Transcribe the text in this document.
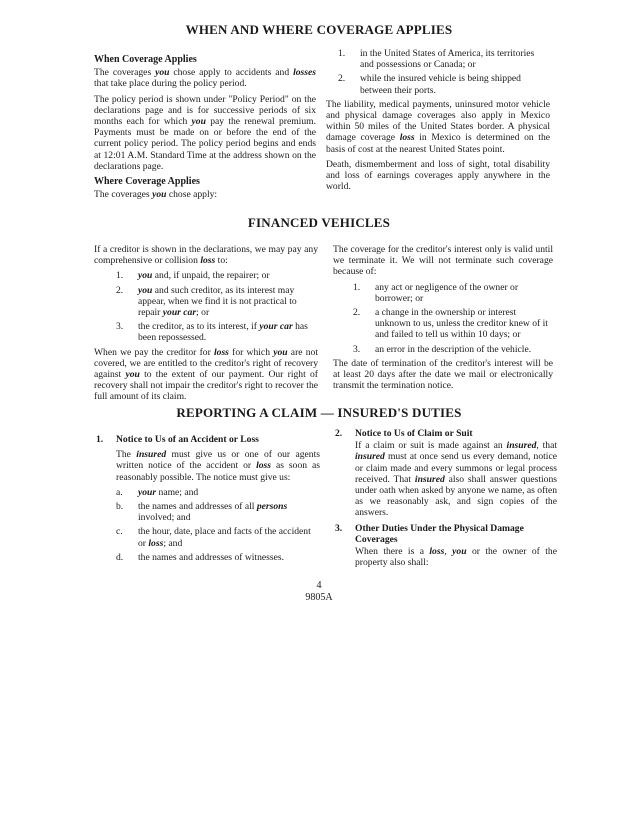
WHEN AND WHERE COVERAGE APPLIES
When Coverage Applies

The coverages you chose apply to accidents and losses that take place during the policy period.

The policy period is shown under "Policy Period" on the declarations page and is for successive periods of six months each for which you pay the renewal premium. Payments must be made on or before the end of the current policy period. The policy period begins and ends at 12:01 A.M. Standard Time at the address shown on the declarations page.

Where Coverage Applies

The coverages you chose apply:

1.	in the United States of America, its territories and possessions or Canada; or
2.	while the insured vehicle is being shipped between their ports.

The liability, medical payments, uninsured motor vehicle and physical damage coverages also apply in Mexico within 50 miles of the United States border. A physical damage coverage loss in Mexico is determined on the basis of cost at the nearest United States point.

Death, dismemberment and loss of sight, total disability and loss of earnings coverages apply anywhere in the world.

FINANCED VEHICLES

If a creditor is shown in the declarations, we may pay any comprehensive or collision loss to:

1.	you and, if unpaid, the repairer; or
2.	you and such creditor, as its interest may appear, when we find it is not practical to repair your car; or
3.	the creditor, as to its interest, if your car has been repossessed.

When we pay the creditor for loss for which you are not covered, we are entitled to the creditor's right of recovery against you to the extent of our payment. Our right of recovery shall not impair the creditor's right to recover the full amount of its claim.

The coverage for the creditor's interest only is valid until we terminate it. We will not terminate such coverage because of:

1.	any act or negligence of the owner or borrower; or
2.	a change in the ownership or interest unknown to us, unless the creditor knew of it and failed to tell us within 10 days; or
3.	an error in the description of the vehicle.

The date of termination of the creditor's interest will be at least 20 days after the date we mail or electronically transmit the termination notice.

REPORTING A CLAIM — INSURED'S DUTIES
1.	Notice to Us of an Accident or Loss

The insured must give us or one of our agents written notice of the accident or loss as soon as reasonably possible. The notice must give us:

a.	your name; and
b.	the names and addresses of all persons involved; and
c.	the hour, date, place and facts of the accident or loss; and
d.	the names and addresses of witnesses.
2.	Notice to Us of Claim or Suit

If a claim or suit is made against an insured, that insured must at once send us every demand, notice or claim made and every summons or legal process received. That insured also shall answer questions under oath when asked by anyone we name, as often as we reasonably ask, and sign copies of the answers.

3.	Other Duties Under the Physical Damage Coverages

When there is a loss, you or the owner of the property also shall:

4
9805A
